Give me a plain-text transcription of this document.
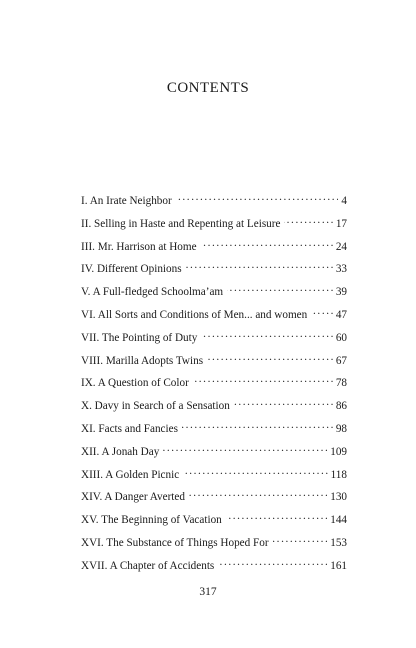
CONTENTS
I. An Irate Neighbor . . .	4
II. Selling in Haste and Repenting at Leisure . . .	17
III. Mr. Harrison at Home . . .	24
IV. Different Opinions . . .	33
V. A Full-fledged Schoolma’am . . .	39
VI. All Sorts and Conditions of Men... and women . . .	47
VII. The Pointing of Duty . . .	60
VIII. Marilla Adopts Twins . . .	67
IX. A Question of Color . . .	78
X. Davy in Search of a Sensation . . .	86
XI. Facts and Fancies . . .	98
XII. A Jonah Day . . .	109
XIII. A Golden Picnic . . .	118
XIV. A Danger Averted . . .	130
XV. The Beginning of Vacation . . .	144
XVI. The Substance of Things Hoped For . . .	153
XVII. A Chapter of Accidents . . .	161

317
